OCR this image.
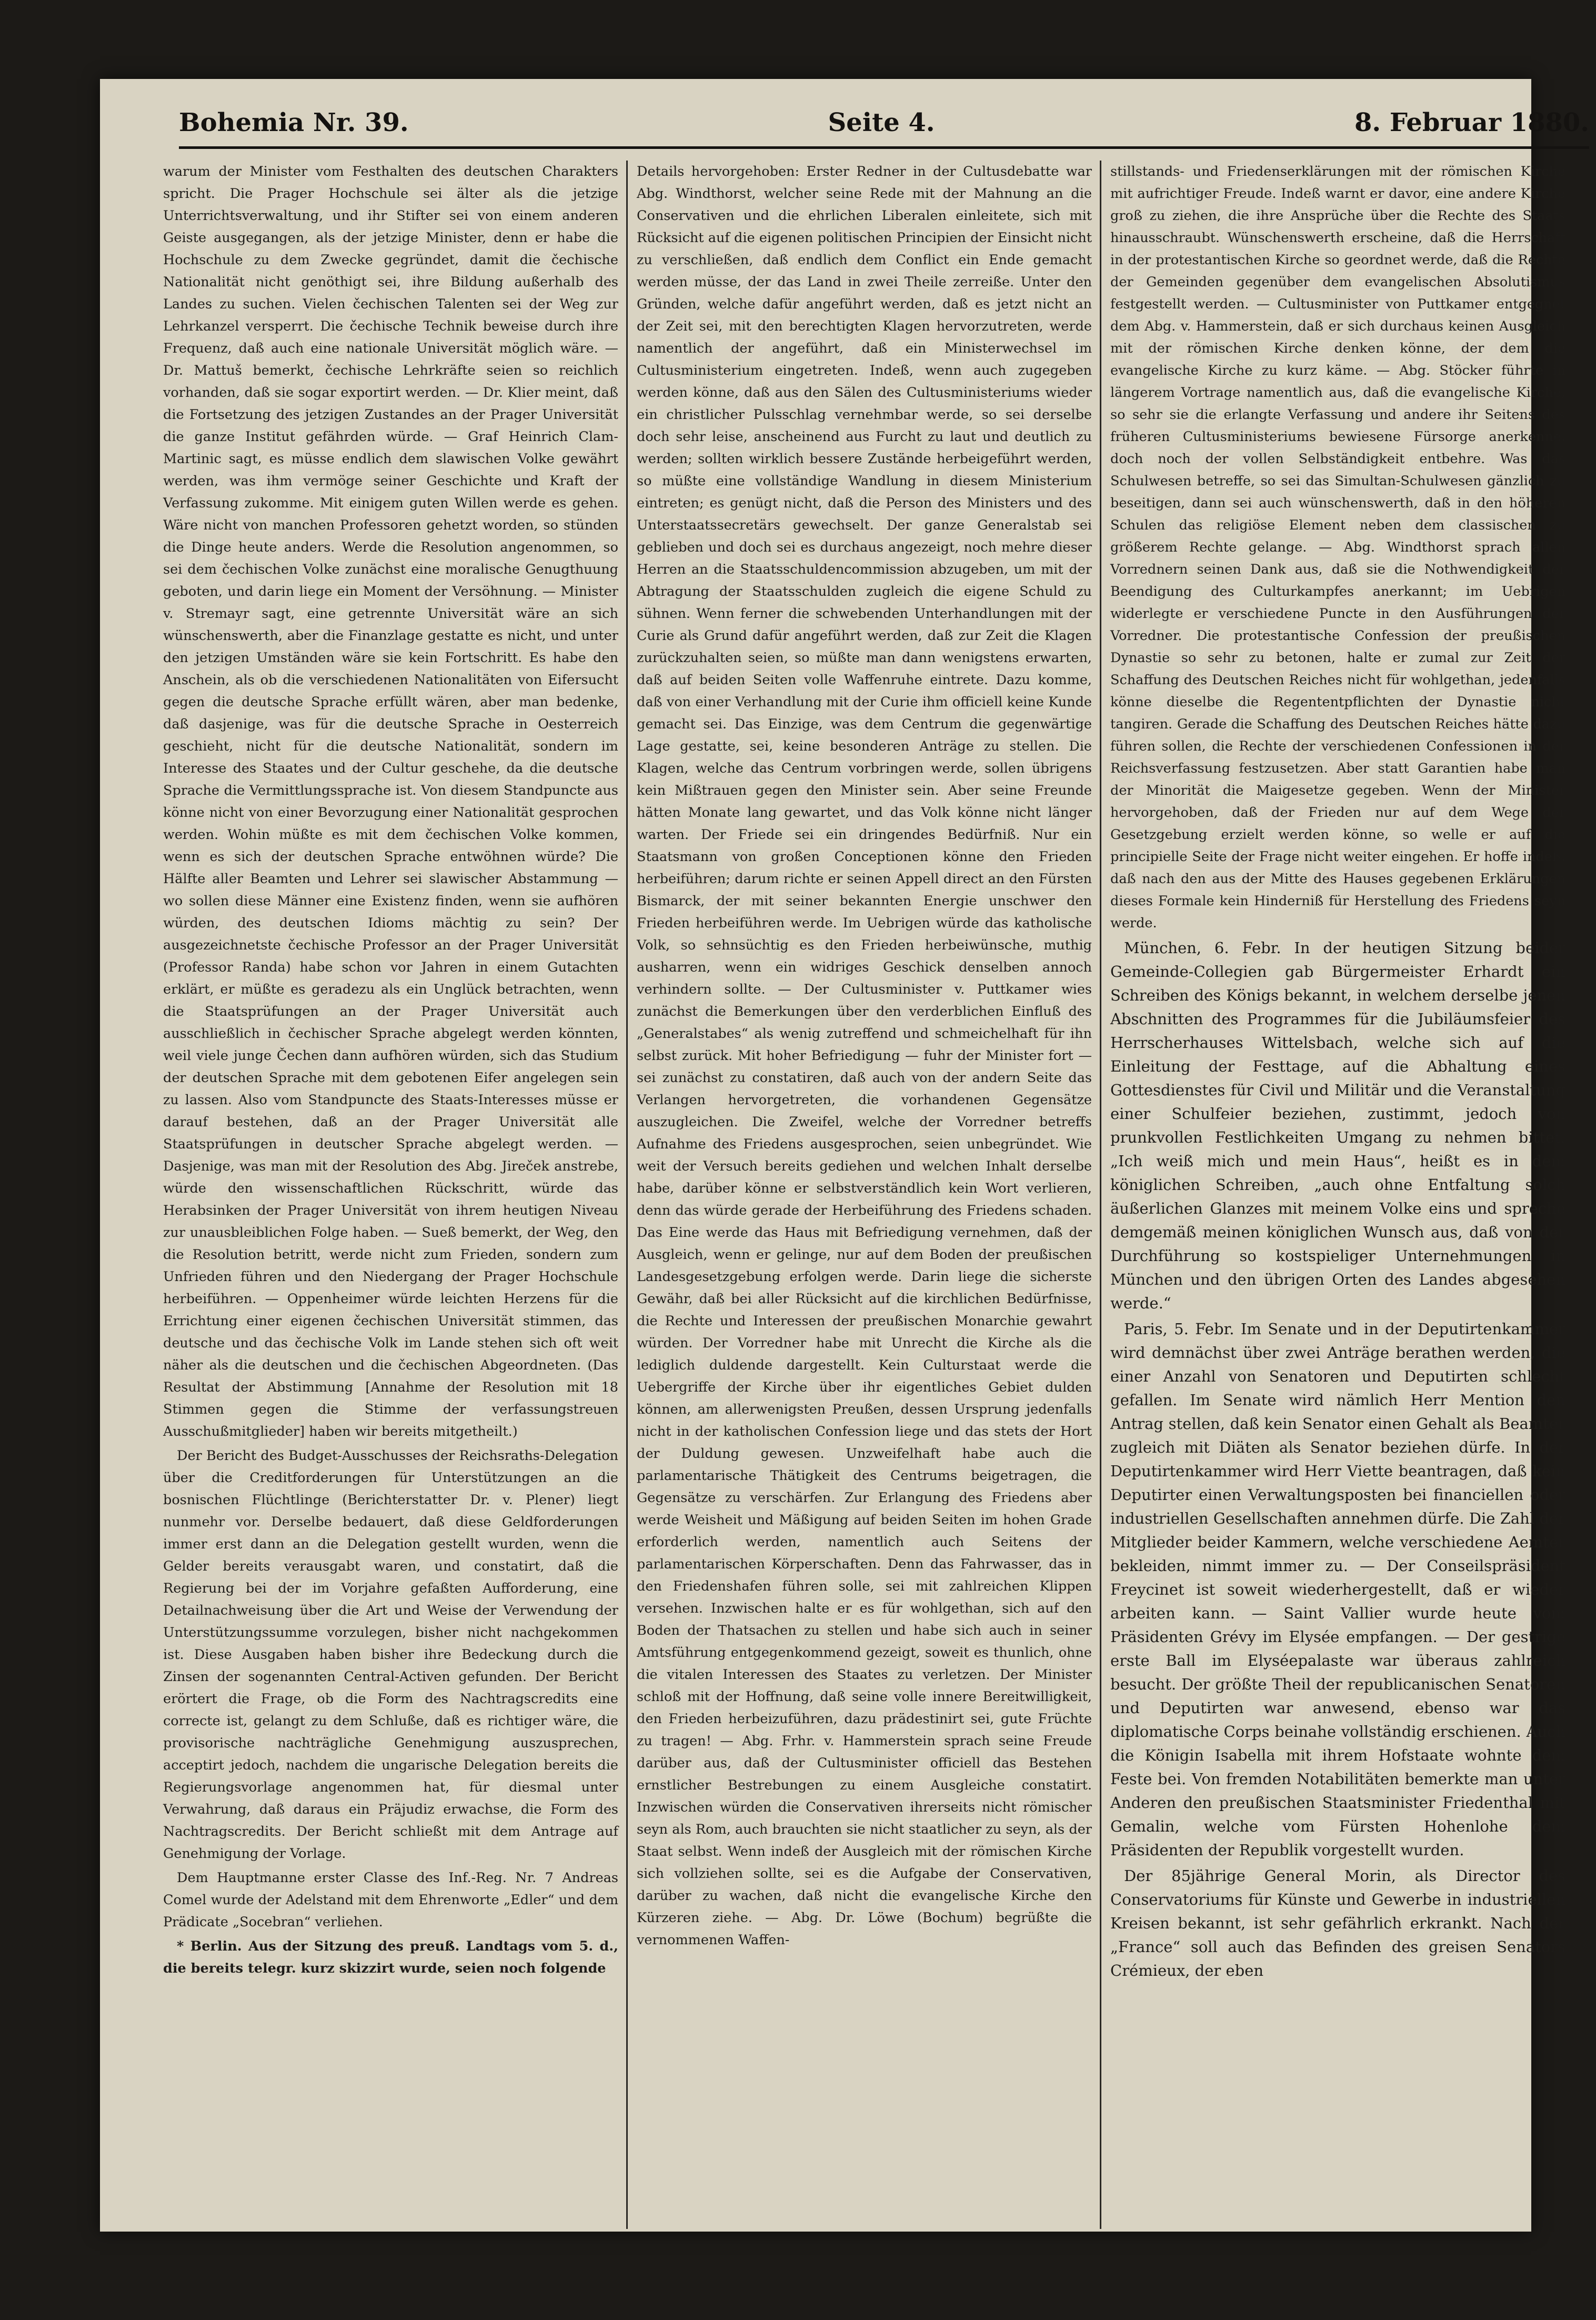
Bohemia Nr. 39.	Seite 4.	8. Februar 1880.

warum der Minister vom Festhalten des deutschen Charakters spricht. Die Prager Hochschule sei älter als die jetzige Unterrichtsverwaltung, und ihr Stifter sei von einem anderen Geiste ausgegangen, als der jetzige Minister, denn er habe die Hochschule zu dem Zwecke gegründet, damit die čechische Nationalität nicht genöthigt sei, ihre Bildung außerhalb des Landes zu suchen. Vielen čechischen Talenten sei der Weg zur Lehrkanzel versperrt. Die čechische Technik beweise durch ihre Frequenz, daß auch eine nationale Universität möglich wäre. — Dr. Mattuš bemerkt, čechische Lehrkräfte seien so reichlich vorhanden, daß sie sogar exportirt werden. — Dr. Klier meint, daß die Fortsetzung des jetzigen Zustandes an der Prager Universität die ganze Institut gefährden würde. — Graf Heinrich Clam-Martinic sagt, es müsse endlich dem slawischen Volke gewährt werden, was ihm vermöge seiner Geschichte und Kraft der Verfassung zukomme. Mit einigem guten Willen werde es gehen. Wäre nicht von manchen Professoren gehetzt worden, so stünden die Dinge heute anders. Werde die Resolution angenommen, so sei dem čechischen Volke zunächst eine moralische Genugthuung geboten, und darin liege ein Moment der Versöhnung. — Minister v. Stremayr sagt, eine getrennte Universität wäre an sich wünschenswerth, aber die Finanzlage gestatte es nicht, und unter den jetzigen Umständen wäre sie kein Fortschritt. Es habe den Anschein, als ob die verschiedenen Nationalitäten von Eifersucht gegen die deutsche Sprache erfüllt wären, aber man bedenke, daß dasjenige, was für die deutsche Sprache in Oesterreich geschieht, nicht für die deutsche Nationalität, sondern im Interesse des Staates und der Cultur geschehe, da die deutsche Sprache die Vermittlungssprache ist. Von diesem Standpuncte aus könne nicht von einer Bevorzugung einer Nationalität gesprochen werden. Wohin müßte es mit dem čechischen Volke kommen, wenn es sich der deutschen Sprache entwöhnen würde? Die Hälfte aller Beamten und Lehrer sei slawischer Abstammung — wo sollen diese Männer eine Existenz finden, wenn sie aufhören würden, des deutschen Idioms mächtig zu sein? Der ausgezeichnetste čechische Professor an der Prager Universität (Professor Randa) habe schon vor Jahren in einem Gutachten erklärt, er müßte es geradezu als ein Unglück betrachten, wenn die Staatsprüfungen an der Prager Universität auch ausschließlich in čechischer Sprache abgelegt werden könnten, weil viele junge Čechen dann aufhören würden, sich das Studium der deutschen Sprache mit dem gebotenen Eifer angelegen sein zu lassen. Also vom Standpuncte des Staats-Interesses müsse er darauf bestehen, daß an der Prager Universität alle Staatsprüfungen in deutscher Sprache abgelegt werden. — Dasjenige, was man mit der Resolution des Abg. Jireček anstrebe, würde den wissenschaftlichen Rückschritt, würde das Herabsinken der Prager Universität von ihrem heutigen Niveau zur unausbleiblichen Folge haben. — Sueß bemerkt, der Weg, den die Resolution betritt, werde nicht zum Frieden, sondern zum Unfrieden führen und den Niedergang der Prager Hochschule herbeiführen. — Oppenheimer würde leichten Herzens für die Errichtung einer eigenen čechischen Universität stimmen, das deutsche und das čechische Volk im Lande stehen sich oft weit näher als die deutschen und die čechischen Abgeordneten. (Das Resultat der Abstimmung [Annahme der Resolution mit 18 Stimmen gegen die Stimme der verfassungstreuen Ausschußmitglieder] haben wir bereits mitgetheilt.)

Der Bericht des Budget-Ausschusses der Reichsraths-Delegation über die Creditforderungen für Unterstützungen an die bosnischen Flüchtlinge (Berichterstatter Dr. v. Plener) liegt nunmehr vor. Derselbe bedauert, daß diese Geldforderungen immer erst dann an die Delegation gestellt wurden, wenn die Gelder bereits verausgabt waren, und constatirt, daß die Regierung bei der im Vorjahre gefaßten Aufforderung, eine Detailnachweisung über die Art und Weise der Verwendung der Unterstützungssumme vorzulegen, bisher nicht nachgekommen ist. Diese Ausgaben haben bisher ihre Bedeckung durch die Zinsen der sogenannten Central-Activen gefunden. Der Bericht erörtert die Frage, ob die Form des Nachtragscredits eine correcte ist, gelangt zu dem Schluße, daß es richtiger wäre, die provisorische nachträgliche Genehmigung auszusprechen, acceptirt jedoch, nachdem die ungarische Delegation bereits die Regierungsvorlage angenommen hat, für diesmal unter Verwahrung, daß daraus ein Präjudiz erwachse, die Form des Nachtragscredits. Der Bericht schließt mit dem Antrage auf Genehmigung der Vorlage.

Dem Hauptmanne erster Classe des Inf.-Reg. Nr. 7 Andreas Comel wurde der Adelstand mit dem Ehrenworte „Edler“ und dem Prädicate „Socebran“ verliehen.

* Berlin. Aus der Sitzung des preuß. Landtags vom 5. d., die bereits telegr. kurz skizzirt wurde, seien noch folgende

Details hervorgehoben: Erster Redner in der Cultusdebatte war Abg. Windthorst, welcher seine Rede mit der Mahnung an die Conservativen und die ehrlichen Liberalen einleitete, sich mit Rücksicht auf die eigenen politischen Principien der Einsicht nicht zu verschließen, daß endlich dem Conflict ein Ende gemacht werden müsse, der das Land in zwei Theile zerreiße. Unter den Gründen, welche dafür angeführt werden, daß es jetzt nicht an der Zeit sei, mit den berechtigten Klagen hervorzutreten, werde namentlich der angeführt, daß ein Ministerwechsel im Cultusministerium eingetreten. Indeß, wenn auch zugegeben werden könne, daß aus den Sälen des Cultusministeriums wieder ein christlicher Pulsschlag vernehmbar werde, so sei derselbe doch sehr leise, anscheinend aus Furcht zu laut und deutlich zu werden; sollten wirklich bessere Zustände herbeigeführt werden, so müßte eine vollständige Wandlung in diesem Ministerium eintreten; es genügt nicht, daß die Person des Ministers und des Unterstaatssecretärs gewechselt. Der ganze Generalstab sei geblieben und doch sei es durchaus angezeigt, noch mehre dieser Herren an die Staatsschuldencommission abzugeben, um mit der Abtragung der Staatsschulden zugleich die eigene Schuld zu sühnen. Wenn ferner die schwebenden Unterhandlungen mit der Curie als Grund dafür angeführt werden, daß zur Zeit die Klagen zurückzuhalten seien, so müßte man dann wenigstens erwarten, daß auf beiden Seiten volle Waffenruhe eintrete. Dazu komme, daß von einer Verhandlung mit der Curie ihm officiell keine Kunde gemacht sei. Das Einzige, was dem Centrum die gegenwärtige Lage gestatte, sei, keine besonderen Anträge zu stellen. Die Klagen, welche das Centrum vorbringen werde, sollen übrigens kein Mißtrauen gegen den Minister sein. Aber seine Freunde hätten Monate lang gewartet, und das Volk könne nicht länger warten. Der Friede sei ein dringendes Bedürfniß. Nur ein Staatsmann von großen Conceptionen könne den Frieden herbeiführen; darum richte er seinen Appell direct an den Fürsten Bismarck, der mit seiner bekannten Energie unschwer den Frieden herbeiführen werde. Im Uebrigen würde das katholische Volk, so sehnsüchtig es den Frieden herbeiwünsche, muthig ausharren, wenn ein widriges Geschick denselben annoch verhindern sollte. — Der Cultusminister v. Puttkamer wies zunächst die Bemerkungen über den verderblichen Einfluß des „Generalstabes“ als wenig zutreffend und schmeichelhaft für ihn selbst zurück. Mit hoher Befriedigung — fuhr der Minister fort — sei zunächst zu constatiren, daß auch von der andern Seite das Verlangen hervorgetreten, die vorhandenen Gegensätze auszugleichen. Die Zweifel, welche der Vorredner betreffs Aufnahme des Friedens ausgesprochen, seien unbegründet. Wie weit der Versuch bereits gediehen und welchen Inhalt derselbe habe, darüber könne er selbstverständlich kein Wort verlieren, denn das würde gerade der Herbeiführung des Friedens schaden. Das Eine werde das Haus mit Befriedigung vernehmen, daß der Ausgleich, wenn er gelinge, nur auf dem Boden der preußischen Landesgesetzgebung erfolgen werde. Darin liege die sicherste Gewähr, daß bei aller Rücksicht auf die kirchlichen Bedürfnisse, die Rechte und Interessen der preußischen Monarchie gewahrt würden. Der Vorredner habe mit Unrecht die Kirche als die lediglich duldende dargestellt. Kein Culturstaat werde die Uebergriffe der Kirche über ihr eigentliches Gebiet dulden können, am allerwenigsten Preußen, dessen Ursprung jedenfalls nicht in der katholischen Confession liege und das stets der Hort der Duldung gewesen. Unzweifelhaft habe auch die parlamentarische Thätigkeit des Centrums beigetragen, die Gegensätze zu verschärfen. Zur Erlangung des Friedens aber werde Weisheit und Mäßigung auf beiden Seiten im hohen Grade erforderlich werden, namentlich auch Seitens der parlamentarischen Körperschaften. Denn das Fahrwasser, das in den Friedenshafen führen solle, sei mit zahlreichen Klippen versehen. Inzwischen halte er es für wohlgethan, sich auf den Boden der Thatsachen zu stellen und habe sich auch in seiner Amtsführung entgegenkommend gezeigt, soweit es thunlich, ohne die vitalen Interessen des Staates zu verletzen. Der Minister schloß mit der Hoffnung, daß seine volle innere Bereitwilligkeit, den Frieden herbeizuführen, dazu prädestinirt sei, gute Früchte zu tragen! — Abg. Frhr. v. Hammerstein sprach seine Freude darüber aus, daß der Cultusminister officiell das Bestehen ernstlicher Bestrebungen zu einem Ausgleiche constatirt. Inzwischen würden die Conservativen ihrerseits nicht römischer seyn als Rom, auch brauchten sie nicht staatlicher zu seyn, als der Staat selbst. Wenn indeß der Ausgleich mit der römischen Kirche sich vollziehen sollte, sei es die Aufgabe der Conservativen, darüber zu wachen, daß nicht die evangelische Kirche den Kürzeren ziehe. — Abg. Dr. Löwe (Bochum) begrüßte die vernommenen Waffen-

stillstands- und Friedenserklärungen mit der römischen Kirche mit aufrichtiger Freude. Indeß warnt er davor, eine andere Kirche groß zu ziehen, die ihre Ansprüche über die Rechte des Staats hinausschraubt. Wünschenswerth erscheine, daß die Herrschaft in der protestantischen Kirche so geordnet werde, daß die Rechte der Gemeinden gegenüber dem evangelischen Absolutismus festgestellt werden. — Cultusminister von Puttkamer entgegnet dem Abg. v. Hammerstein, daß er sich durchaus keinen Ausgleich mit der römischen Kirche denken könne, der dem die evangelische Kirche zu kurz käme. — Abg. Stöcker führte in längerem Vortrage namentlich aus, daß die evangelische Kirche, so sehr sie die erlangte Verfassung und andere ihr Seitens des früheren Cultusministeriums bewiesene Fürsorge anerkenne, doch noch der vollen Selbständigkeit entbehre. Was das Schulwesen betreffe, so sei das Simultan-Schulwesen gänzlich zu beseitigen, dann sei auch wünschenswerth, daß in den höheren Schulen das religiöse Element neben dem classischen zu größerem Rechte gelange. — Abg. Windthorst sprach allen Vorrednern seinen Dank aus, daß sie die Nothwendigkeit der Beendigung des Culturkampfes anerkannt; im Uebrigen widerlegte er verschiedene Puncte in den Ausführungen der Vorredner. Die protestantische Confession der preußischen Dynastie so sehr zu betonen, halte er zumal zur Zeit der Schaffung des Deutschen Reiches nicht für wohlgethan, jedenfalls könne dieselbe die Regententpflichten der Dynastie nicht tangiren. Gerade die Schaffung des Deutschen Reiches hätte dazu führen sollen, die Rechte der verschiedenen Confessionen in der Reichsverfassung festzusetzen. Aber statt Garantien habe man der Minorität die Maigesetze gegeben. Wenn der Minister hervorgehoben, daß der Frieden nur auf dem Wege der Gesetzgebung erzielt werden könne, so welle er auf die principielle Seite der Frage nicht weiter eingehen. Er hoffe indeß, daß nach den aus der Mitte des Hauses gegebenen Erklärungen dieses Formale kein Hinderniß für Herstellung des Friedens seyn werde.

München, 6. Febr. In der heutigen Sitzung beider Gemeinde-Collegien gab Bürgermeister Erhardt ein Schreiben des Königs bekannt, in welchem derselbe jenen Abschnitten des Programmes für die Jubiläumsfeier des Herrscherhauses Wittelsbach, welche sich auf die Einleitung der Festtage, auf die Abhaltung eines Gottesdienstes für Civil und Militär und die Veranstaltung einer Schulfeier beziehen, zustimmt, jedoch von prunkvollen Festlichkeiten Umgang zu nehmen bittet. „Ich weiß mich und mein Haus“, heißt es in dem königlichen Schreiben, „auch ohne Entfaltung solch äußerlichen Glanzes mit meinem Volke eins und spreche demgemäß meinen königlichen Wunsch aus, daß von der Durchführung so kostspieliger Unternehmungen in München und den übrigen Orten des Landes abgesehen werde.“

Paris, 5. Febr. Im Senate und in der Deputirtenkammer wird demnächst über zwei Anträge berathen werden, die einer Anzahl von Senatoren und Deputirten schlecht gefallen. Im Senate wird nämlich Herr Mention den Antrag stellen, daß kein Senator einen Gehalt als Beamter zugleich mit Diäten als Senator beziehen dürfe. In der Deputirtenkammer wird Herr Viette beantragen, daß kein Deputirter einen Verwaltungsposten bei financiellen oder industriellen Gesellschaften annehmen dürfe. Die Zahl der Mitglieder beider Kammern, welche verschiedene Aemter bekleiden, nimmt immer zu. — Der Conseilspräsident Freycinet ist soweit wiederhergestellt, daß er wieder arbeiten kann. — Saint Vallier wurde heute vom Präsidenten Grévy im Elysée empfangen. — Der gestrige erste Ball im Elyséepalaste war überaus zahlreich besucht. Der größte Theil der republicanischen Senatoren und Deputirten war anwesend, ebenso war das diplomatische Corps beinahe vollständig erschienen. Auch die Königin Isabella mit ihrem Hofstaate wohnte dem Feste bei. Von fremden Notabilitäten bemerkte man unter Anderen den preußischen Staatsminister Friedenthal mit Gemalin, welche vom Fürsten Hohenlohe dem Präsidenten der Republik vorgestellt wurden.

Der 85jährige General Morin, als Director des Conservatoriums für Künste und Gewerbe in industriellen Kreisen bekannt, ist sehr gefährlich erkrankt. Nach der „France“ soll auch das Befinden des greisen Senators Crémieux, der eben
